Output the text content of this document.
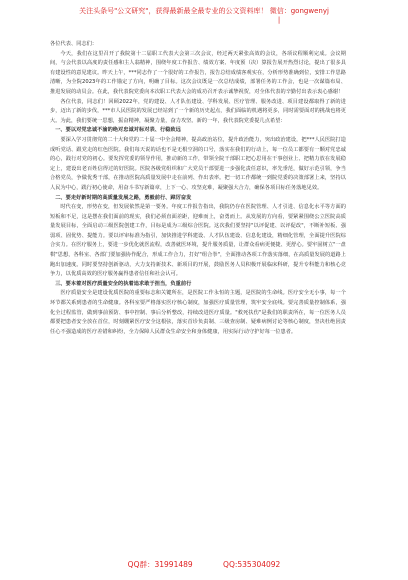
关注头条号"公文研究"，获得最新最全最专业的公文资料库！ 微信：gongwenyj
|

各位代表、同志们：

今天，我们在这里召开了我院第十二届职工代表大会第三次会议，经过两天紧张高效的会议，各项议程顺利完成。会议期间，与会代表以高度的责任感和主人翁精神，围绕年度工作报告、绩效方案、年度预（决）算报告展开热烈讨论，提出了很多具有建设性的意见建议。昨天上午，***同志作了一个很好的工作报告，报告总结成绩客观实在，分析形势准确到位，安排工作思路清晰，为全院2023年的工作锚定了方向，明确了目标。这次会议既是一次总结成绩，部署任务的工作会，也是一次谋篇布局、推进发展的动员会。在此，我代表院党委向本次职工代表大会的成功召开表示诚挚祝贺，对全体代表的辛勤付出表示衷心感谢！

各位代表，同志们！回顾2022年，党的建设、人才队伍建设、学科发展、医疗管理、服务改进、项目建设都取得了新的进步，迈出了新的步伐，***市人民医院的发展已经站到了一个新的历史起点，我们面临的机遇将更多，同时需要面对的挑战也将更大。为此，我们要统一思想，振奋精神，凝聚力量，奋力攻坚。新的一年，我代表院党委提几点希望：

一、要以对党忠诚不渝的绝对忠诚对标对表、行稳致远

要深入学习贯彻党的二十大和党的二十届一中全会精神，提高政治站位，提升政治能力，突出政治建设，把***人民医院打造成听党话、跟党走的红色医院。我们每天说的话也不是无根空洞的口号，落实在我们的行动上，每一位员工都要有一颗对党忠诚的心，践行对党的初心。要发挥党委的领导作用，推动新的工作，带领全院干部职工把心思用在干事创业上、把精力放在发展稳定上，建设出老百姓信得过的好医院。医院各级党组织和广大党员干部要进一步强化责任意识，率先垂范，做好示范引领，争当合格党员，争做优秀干部，在推动医院高质量发展中走在前列、作出表率。把一切工作都统一到院党委的决策部署上来，坚持以人民为中心，践行初心使命，用奋斗书写新篇章，上下一心、攻坚克难，凝聚强大合力，确保各项目标任务落地见效。

二、要走好新时期的高质量发展之路，勇毅前行、踔厉奋发

时代在变，形势在变，但发展依然是第一要务。年度工作报告指出，我院仍存在医院管理、人才引进、信息化水平等方面的短板和不足，这是摆在我们面前的现实，我们必须直面差距，迎难而上，奋勇而上。从发展的方向看，要紧紧围绕公立医院高质量发展目标，全面启动三级医院创建工作，目标是成为三级综合医院。这次我们要坚持"以评促建、以评促改"，不断补短板、强弱项、固优势、提能力。要以评审标准为指引，加快推进学科建设、人才队伍建设、信息化建设，精细化管理，全面提升医院综合实力。在医疗服务上，要进一步优化就医流程，改善就医环境，提升服务质量，让群众看病更便捷、更舒心。要牢固树立"一盘棋"思想，各科室、各部门要加强协作配合，形成工作合力，打好"组合拳"，全面推动各项工作落实落细，在高质量发展的道路上跑出加速度。同时要坚持创新驱动，大力支持新技术、新项目的开展，鼓励医务人员积极开展临床科研，提升专科能力和核心竞争力，以优质高效的医疗服务赢得患者信任和社会认可。

三、要本着对医疗质量安全的执着追求敢于担当，负重前行

医疗质量安全是建设优质医院的重要标志和关键所在，是医院工作永恒的主题，是医院的生命线。医疗安全无小事，每一个环节都关系到患者的生命健康。各科室要严格落实医疗核心制度，加强医疗质量管理，筑牢安全底线。要完善质量控制体系，强化全过程监管，做到事前预防、事中控制、事后分析整改，持续改进医疗质量。"救死扶伤"是我们的职责所在，每一位医务人员都要把患者安全放在首位，时刻绷紧医疗安全这根弦，落实首诊负责制、三级查房制、疑难病例讨论等核心制度，坚决杜绝因责任心不强造成的医疗差错和纠纷，全力保障人民群众生命安全和身体健康，用实际行动守护好每一位患者。

QQ群：31991489	QQ:535304092
